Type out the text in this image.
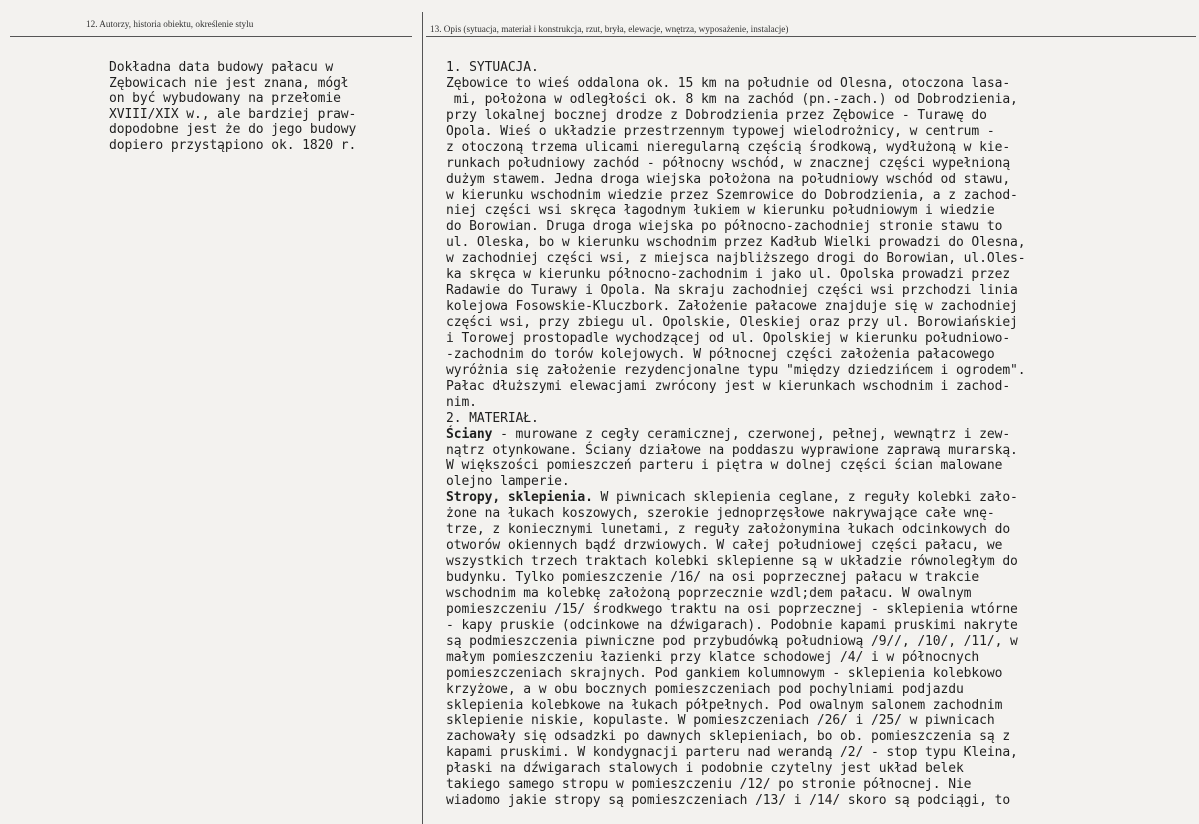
12. Autorzy, historia obiektu, określenie stylu	13. Opis (sytuacja, materiał i konstrukcja, rzut, bryła, elewacje, wnętrza, wyposażenie, instalacje)
Dokładna data budowy pałacu w
Zębowicach nie jest znana, mógł
on być wybudowany na przełomie
XVIII/XIX w., ale bardziej praw-
dopodobne jest że do jego budowy
dopiero przystąpiono ok. 1820 r.
1. SYTUACJA.
Zębowice to wieś oddalona ok. 15 km na południe od Olesna, otoczona lasa-
mi, położona w odległości ok. 8 km na zachód (pn.-zach.) od Dobrodzienia,
przy lokalnej bocznej drodze z Dobrodzienia przez Zębowice - Turawę do
Opola. Wieś o układzie przestrzennym typowej wielodrożnicy, w centrum -
z otoczoną trzema ulicami nieregularną częścią środkową, wydłużoną w kie-
runkach południowy zachód - północny wschód, w znacznej części wypełnioną
dużym stawem. Jedna droga wiejska położona na południowy wschód od stawu,
w kierunku wschodnim wiedzie przez Szemrowice do Dobrodzienia, a z zachod-
niej części wsi skręca łagodnym łukiem w kierunku południowym i wiedzie
do Borowian. Druga droga wiejska po północno-zachodniej stronie stawu to
ul. Oleska, bo w kierunku wschodnim przez Kadłub Wielki prowadzi do Olesna,
w zachodniej części wsi, z miejsca najbliższego drogi do Borowian, ul.Oles-
ka skręca w kierunku północno-zachodnim i jako ul. Opolska prowadzi przez
Radawie do Turawy i Opola. Na skraju zachodniej części wsi przchodzi linia
kolejowa Fosowskie-Kluczbork. Założenie pałacowe znajduje się w zachodniej
części wsi, przy zbiegu ul. Opolskie, Oleskiej oraz przy ul. Borowiańskiej
i Torowej prostopadle wychodzącej od ul. Opolskiej w kierunku południowo-
-zachodnim do torów kolejowych. W północnej części założenia pałacowego
wyróżnia się założenie rezydencjonalne typu "między dziedzińcem i ogrodem".
Pałac dłuższymi elewacjami zwrócony jest w kierunkach wschodnim i zachod-
nim.
2. MATERIAŁ.
Ściany - murowane z cegły ceramicznej, czerwonej, pełnej, wewnątrz i zew-
nątrz otynkowane. Ściany działowe na poddaszu wyprawione zaprawą murarską.
W większości pomieszczeń parteru i piętra w dolnej części ścian malowane
olejno lamperie.
Stropy, sklepienia. W piwnicach sklepienia ceglane, z reguły kolebki zało-
żone na łukach koszowych, szerokie jednoprzęsłowe nakrywające całe wnę-
trze, z koniecznymi lunetami, z reguły założonymina łukach odcinkowych do
otworów okiennych bądź drzwiowych. W całej południowej części pałacu, we
wszystkich trzech traktach kolebki sklepienne są w układzie równoległym do
budynku. Tylko pomieszczenie /16/ na osi poprzecznej pałacu w trakcie
wschodnim ma kolebkę założoną poprzecznie wzdl;dem pałacu. W owalnym
pomieszczeniu /15/ środkwego traktu na osi poprzecznej - sklepienia wtórne
- kapy pruskie (odcinkowe na dźwigarach). Podobnie kapami pruskimi nakryte
są podmieszczenia piwniczne pod przybudówką południową /9//, /10/, /11/, w
małym pomieszczeniu łazienki przy klatce schodowej /4/ i w północnych
pomieszczeniach skrajnych. Pod gankiem kolumnowym - sklepienia kolebkowo
krzyżowe, a w obu bocznych pomieszczeniach pod pochylniami podjazdu
sklepienia kolebkowe na łukach półpełnych. Pod owalnym salonem zachodnim
sklepienie niskie, kopulaste. W pomieszczeniach /26/ i /25/ w piwnicach
zachowały się odsadzki po dawnych sklepieniach, bo ob. pomieszczenia są z
kapami pruskimi. W kondygnacji parteru nad werandą /2/ - stop typu Kleina,
płaski na dźwigarach stalowych i podobnie czytelny jest układ belek
takiego samego stropu w pomieszczeniu /12/ po stronie północnej. Nie
wiadomo jakie stropy są pomieszczeniach /13/ i /14/ skoro są podciągi, to
